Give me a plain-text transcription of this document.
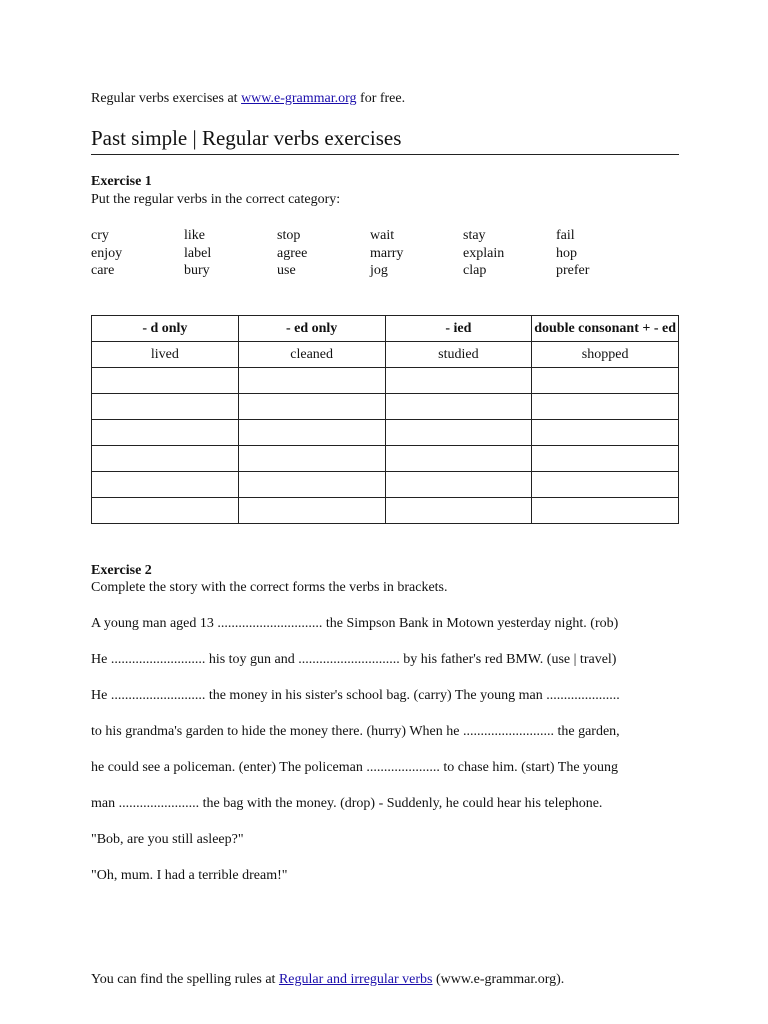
Regular verbs exercises at www.e-grammar.org for free.
Past simple | Regular verbs exercises
Exercise 1
Put the regular verbs in the correct category:
cry	like	stop	wait	stay	fail
enjoy	label	agree	marry	explain	hop
care	bury	use	jog	clap	prefer
- d only	- ed only	- ied	double consonant + - ed
lived	cleaned	studied	shopped

Exercise 2
Complete the story with the correct forms the verbs in brackets.

A young man aged 13 .............................. the Simpson Bank in Motown yesterday night. (rob)

He ........................... his toy gun and ............................. by his father's red BMW. (use | travel)

He ........................... the money in his sister's school bag. (carry) The young man .....................

to his grandma's garden to hide the money there. (hurry) When he .......................... the garden,

he could see a policeman. (enter) The policeman ..................... to chase him. (start) The young

man ....................... the bag with the money. (drop) - Suddenly, he could hear his telephone.

"Bob, are you still asleep?"

"Oh, mum. I had a terrible dream!"

You can find the spelling rules at Regular and irregular verbs (www.e-grammar.org).
